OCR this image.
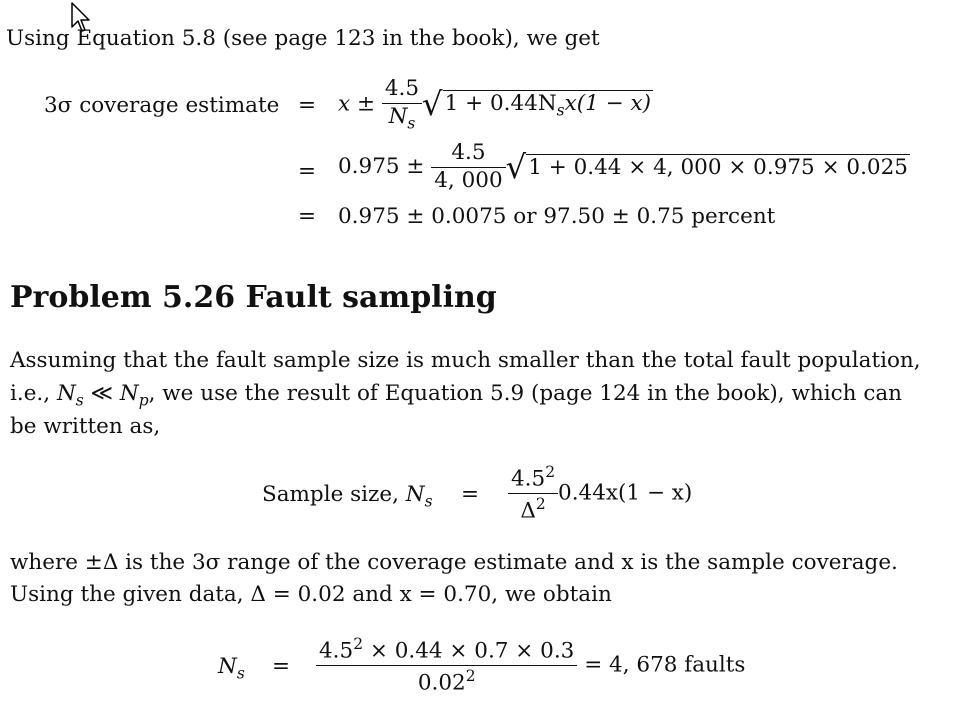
Using Equation 5.8 (see page 123 in the book), we get
3σ coverage estimate = $x \pm \frac{4.5}{N_s} √1 + 0.44N_sx(1 - x)$
= $0.975 \pm \frac{4.5}{4, 000} √1 + 0.44 \times 4$, 000 × 0.975 × 0.025
= 0.975 ± 0.0075 or 97.50 ± 0.75 percent
Problem 5.26 Fault sampling
Assuming that the fault sample size is much smaller than the total fault population,
i.e., $N_s$ ≪ $N_p$, we use the result of Equation 5.9 (page 124 in the book), which can
be written as,
Sample size, $N_s = \frac{4.5^2}{\Delta^2} 0.44x(1 - x)$
where ±Δ is the 3σ range of the coverage estimate and x is the sample coverage.
Using the given data, Δ = 0.02 and x = 0.70, we obtain
$N_s = \frac{4.5^2 \times 0.44 \times 0.7 \times 0.3}{0.02^2} = 4$, 678 faults
